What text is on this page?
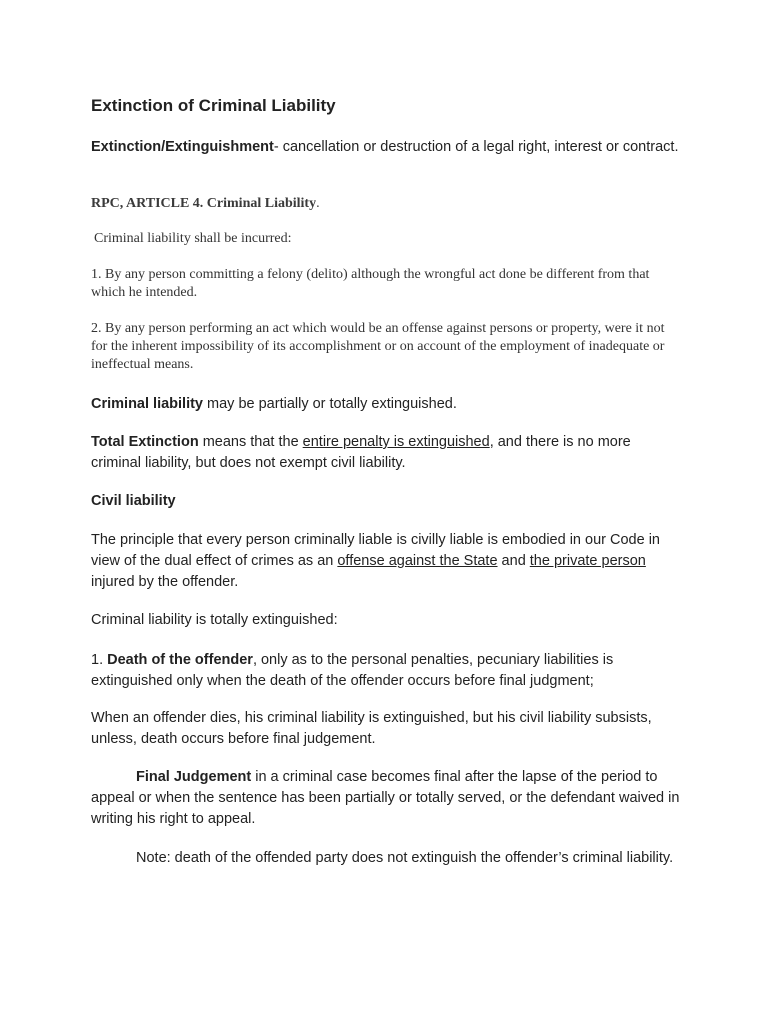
Extinction of Criminal Liability

Extinction/Extinguishment- cancellation or destruction of a legal right, interest or contract.

RPC, ARTICLE 4. Criminal Liability.

Criminal liability shall be incurred:

1. By any person committing a felony (delito) although the wrongful act done be different from that which he intended.

2. By any person performing an act which would be an offense against persons or property, were it not for the inherent impossibility of its accomplishment or on account of the employment of inadequate or ineffectual means.

Criminal liability may be partially or totally extinguished.

Total Extinction means that the entire penalty is extinguished, and there is no more criminal liability, but does not exempt civil liability.

Civil liability

The principle that every person criminally liable is civilly liable is embodied in our Code in view of the dual effect of crimes as an offense against the State and the private person injured by the offender.

Criminal liability is totally extinguished:

1. Death of the offender, only as to the personal penalties, pecuniary liabilities is extinguished only when the death of the offender occurs before final judgment;

When an offender dies, his criminal liability is extinguished, but his civil liability subsists, unless, death occurs before final judgement.

Final Judgement in a criminal case becomes final after the lapse of the period to appeal or when the sentence has been partially or totally served, or the defendant waived in writing his right to appeal.

Note: death of the offended party does not extinguish the offender’s criminal liability.
